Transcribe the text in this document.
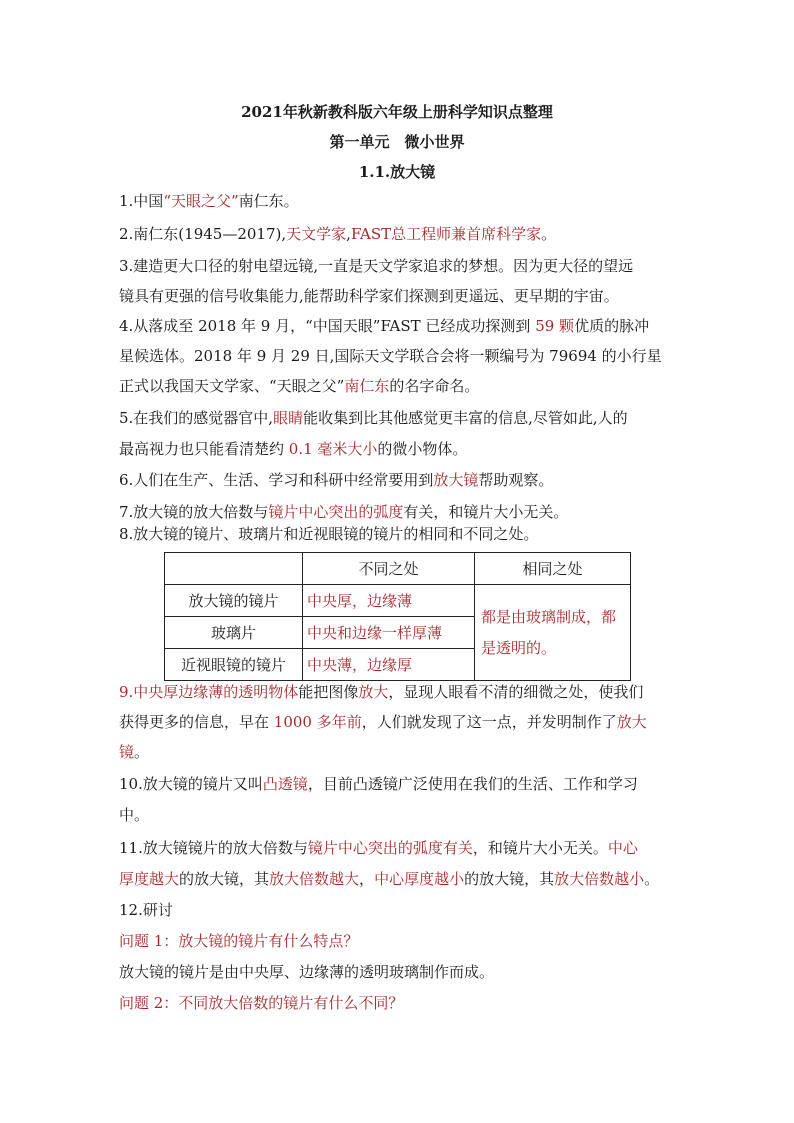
2021年秋新教科版六年级上册科学知识点整理
第一单元　微小世界
1.1.放大镜
1.中国“天眼之父”南仁东。
2.南仁东(1945—2017),天文学家,FAST总工程师兼首席科学家。
3.建造更大口径的射电望远镜,一直是天文学家追求的梦想。因为更大径的望远
镜具有更强的信号收集能力,能帮助科学家们探测到更遥远、更早期的宇宙。
4.从落成至 2018 年 9 月，“中国天眼”FAST 已经成功探测到 59 颗优质的脉冲
星候选体。2018 年 9 月 29 日,国际天文学联合会将一颗编号为 79694 的小行星
正式以我国天文学家、“天眼之父”南仁东的名字命名。
5.在我们的感觉器官中,眼睛能收集到比其他感觉更丰富的信息,尽管如此,人的
最高视力也只能看清楚约 0.1 毫米大小的微小物体。
6.人们在生产、生活、学习和科研中经常要用到放大镜帮助观察。
7.放大镜的放大倍数与镜片中心突出的弧度有关，和镜片大小无关。
8.放大镜的镜片、玻璃片和近视眼镜的镜片的相同和不同之处。
	不同之处	相同之处
放大镜的镜片	中央厚，边缘薄	都是由玻璃制成，都是透明的。
玻璃片	中央和边缘一样厚薄	
近视眼镜的镜片	中央薄，边缘厚	
9.中央厚边缘薄的透明物体能把图像放大，显现人眼看不清的细微之处，使我们
获得更多的信息，早在 1000 多年前，人们就发现了这一点，并发明制作了放大
镜。
10.放大镜的镜片又叫凸透镜，目前凸透镜广泛使用在我们的生活、工作和学习
中。
11.放大镜镜片的放大倍数与镜片中心突出的弧度有关，和镜片大小无关。中心
厚度越大的放大镜，其放大倍数越大，中心厚度越小的放大镜，其放大倍数越小。
12.研讨
问题 1：放大镜的镜片有什么特点？
放大镜的镜片是由中央厚、边缘薄的透明玻璃制作而成。
问题 2：不同放大倍数的镜片有什么不同？
